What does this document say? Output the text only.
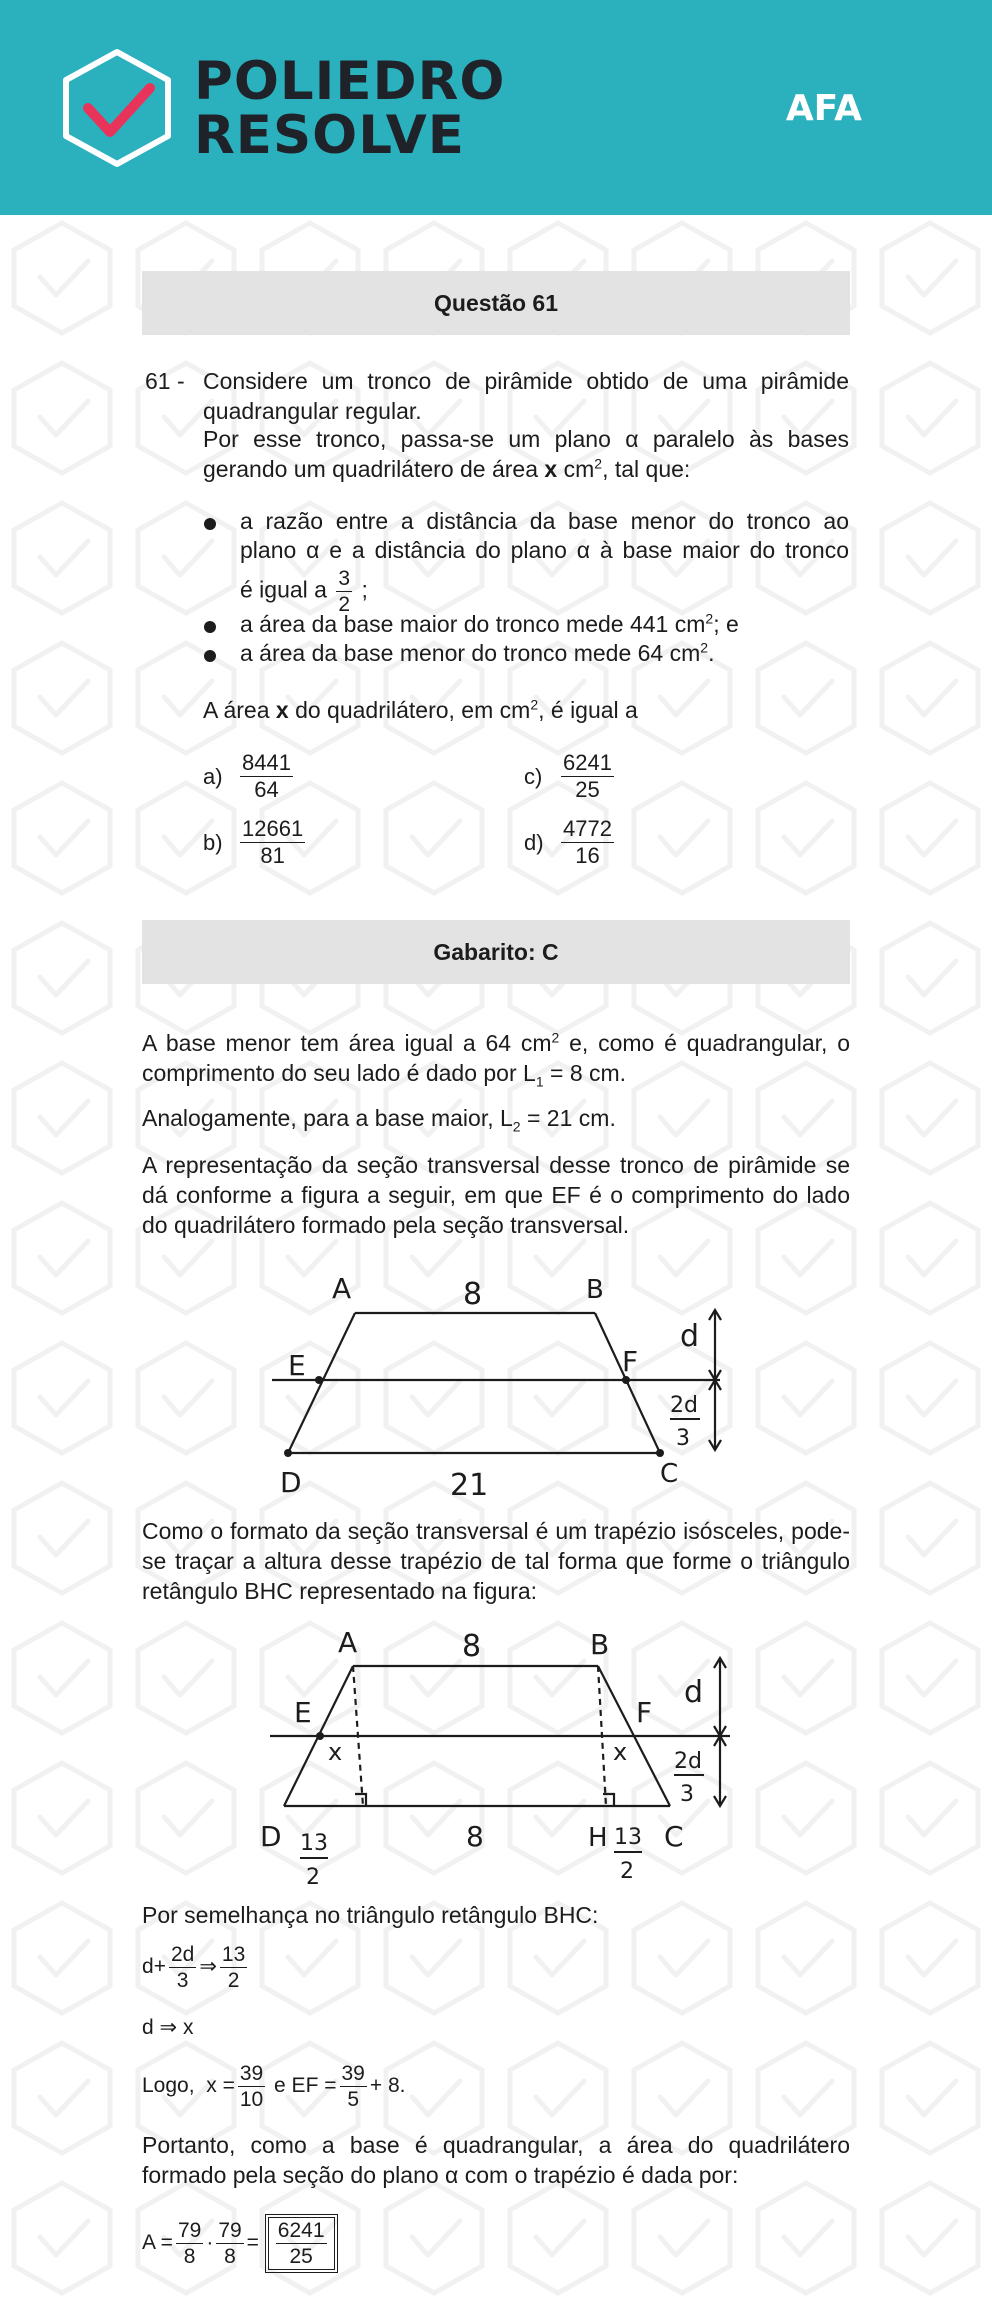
POLIEDRO
RESOLVE	AFA
Questão 61
61 - Considere um tronco de pirâmide obtido de uma pirâmide quadrangular regular.
Por esse tronco, passa-se um plano α paralelo às bases gerando um quadrilátero de área x $cm^2$, tal que:
a razão entre a distância da base menor do tronco ao
plano α e a distância do plano α à base maior do tronco
é igual a $\frac{3}{2}$ ;
a área da base maior do tronco mede 441 $cm^2$; e
a área da base menor do tronco mede 64 $cm^2$.
A área x do quadrilátero, em $cm^2$, é igual a
$a) \frac{8441}{64}$
$b) \frac{12661}{81}$
$c) \frac{6241}{25}$
$d) \frac{4772}{16}$
Gabarito: C
A base menor tem área igual a 64 $cm^2$ e, como é quadrangular, o comprimento do seu lado é dado por $L_1 = 8$ cm.
Analogamente, para a base maior, $L_2 = 21$ cm.
A representação da seção transversal desse tronco de pirâmide se dá conforme a figura a seguir, em que EF é o comprimento do lado do quadrilátero formado pela seção transversal.
A	B
8
E	F
d
2d
3
D	21	C
Como o formato da seção transversal é um trapézio isósceles, pode-se traçar a altura desse trapézio de tal forma que forme o triângulo retângulo BHC representado na figura:
A	B
8
E	F
x	x
d
2d
3
D 13
2
8	H 13
2
C
Por semelhança no triângulo retângulo BHC:
$d+ \frac{2d}{3}$ ⇒ $\frac{13}{2}$
d ⇒ x
Logo, $x = \frac{39}{10}$ e EF = $\frac{39}{5} + 8$.
Portanto, como a base é quadrangular, a área do quadrilátero formado pela seção do plano α com o trapézio é dada por:
$A = \frac{79}{8} \cdot \frac{79}{8} = \frac{6241}{25}$
